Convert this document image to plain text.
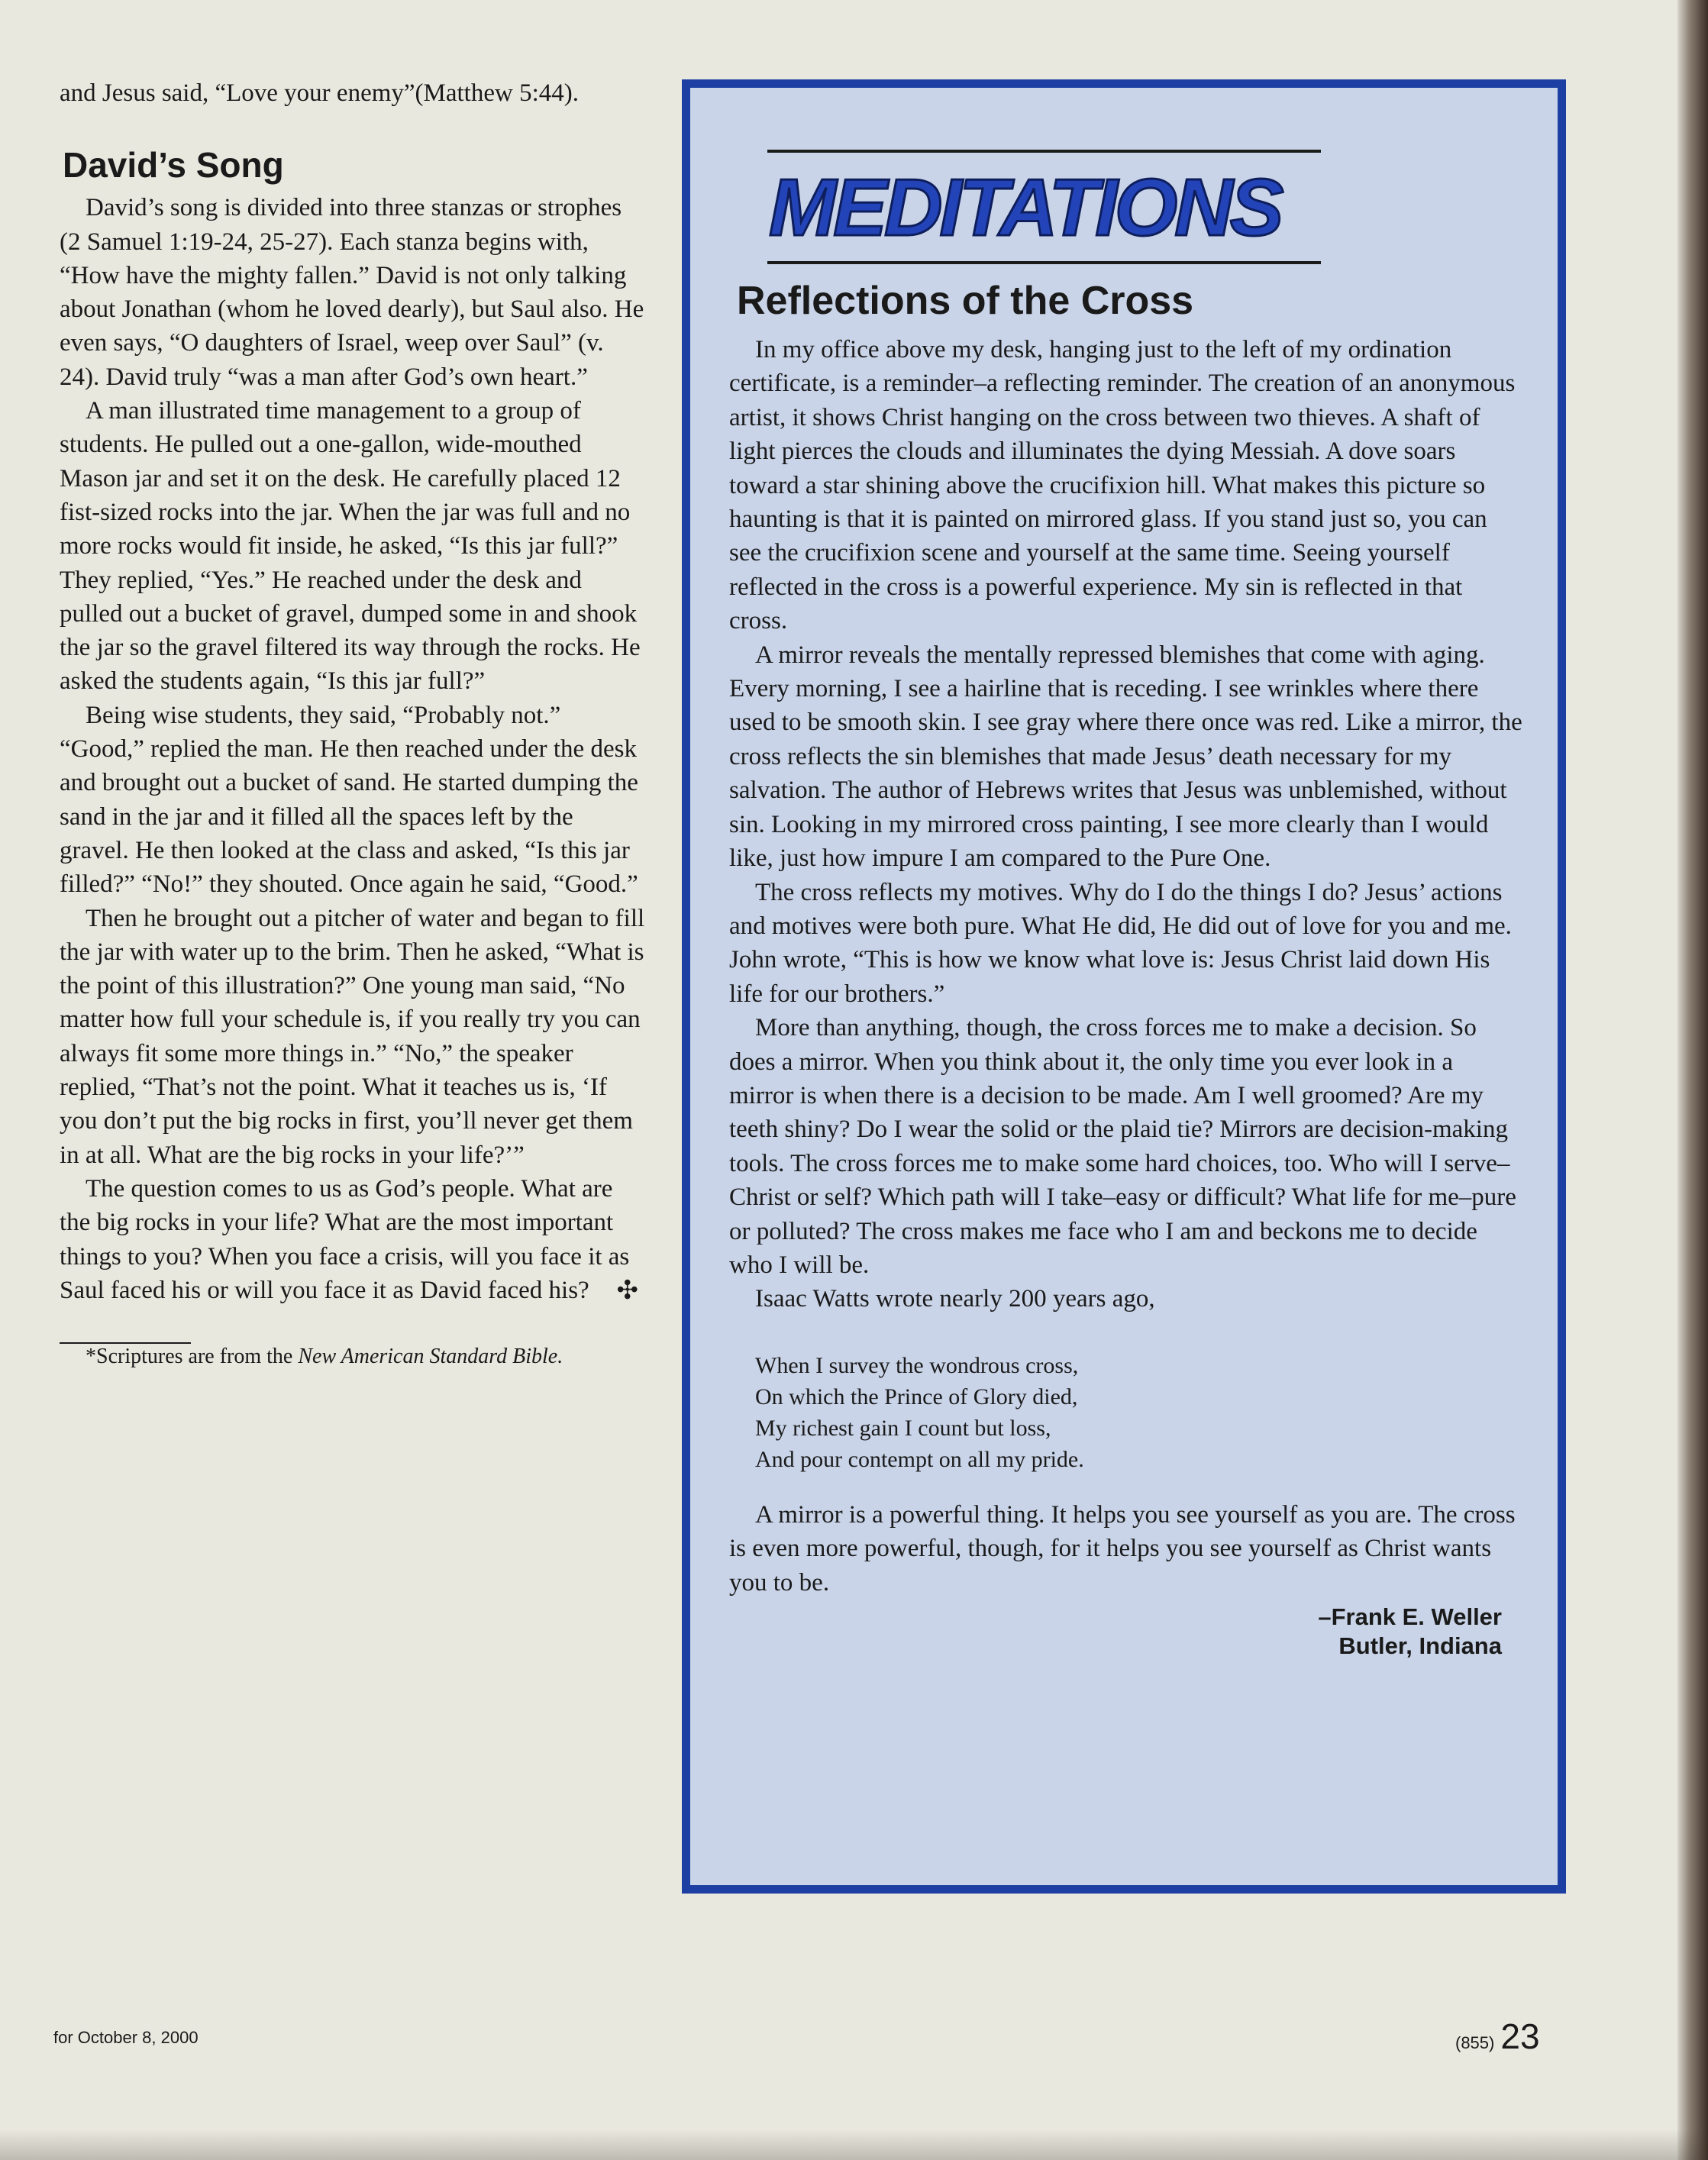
and Jesus said, “Love your enemy”(Matthew 5:44).

David’s Song

David’s song is divided into three stanzas or strophes (2 Samuel 1:19-24, 25-27). Each stanza begins with, “How have the mighty fallen.” David is not only talking about Jonathan (whom he loved dearly), but Saul also. He even says, “O daughters of Israel, weep over Saul” (v. 24). David truly “was a man after God’s own heart.”

A man illustrated time management to a group of students. He pulled out a one-gallon, wide-mouthed Mason jar and set it on the desk. He carefully placed 12 fist-sized rocks into the jar. When the jar was full and no more rocks would fit inside, he asked, “Is this jar full?” They replied, “Yes.” He reached under the desk and pulled out a bucket of gravel, dumped some in and shook the jar so the gravel filtered its way through the rocks. He asked the students again, “Is this jar full?”

Being wise students, they said, “Probably not.” “Good,” replied the man. He then reached under the desk and brought out a bucket of sand. He started dumping the sand in the jar and it filled all the spaces left by the gravel. He then looked at the class and asked, “Is this jar filled?” “No!” they shouted. Once again he said, “Good.”

Then he brought out a pitcher of water and began to fill the jar with water up to the brim. Then he asked, “What is the point of this illustration?” One young man said, “No matter how full your schedule is, if you really try you can always fit some more things in.” “No,” the speaker replied, “That’s not the point. What it teaches us is, ‘If you don’t put the big rocks in first, you’ll never get them in at all. What are the big rocks in your life?’”

The question comes to us as God’s people. What are the big rocks in your life? What are the most important things to you? When you face a crisis, will you face it as Saul faced his or will you face it as David faced his?	✣

*Scriptures are from the New American Standard Bible.

MEDITATIONS
Reflections of the Cross

In my office above my desk, hanging just to the left of my ordination certificate, is a reminder–a reflecting reminder. The creation of an anonymous artist, it shows Christ hanging on the cross between two thieves. A shaft of light pierces the clouds and illuminates the dying Messiah. A dove soars toward a star shining above the crucifixion hill. What makes this picture so haunting is that it is painted on mirrored glass. If you stand just so, you can see the crucifixion scene and yourself at the same time. Seeing yourself reflected in the cross is a powerful experience. My sin is reflected in that cross.

A mirror reveals the mentally repressed blemishes that come with aging. Every morning, I see a hairline that is receding. I see wrinkles where there used to be smooth skin. I see gray where there once was red. Like a mirror, the cross reflects the sin blemishes that made Jesus’ death necessary for my salvation. The author of Hebrews writes that Jesus was unblemished, without sin. Looking in my mirrored cross painting, I see more clearly than I would like, just how impure I am compared to the Pure One.

The cross reflects my motives. Why do I do the things I do? Jesus’ actions and motives were both pure. What He did, He did out of love for you and me. John wrote, “This is how we know what love is: Jesus Christ laid down His life for our brothers.”

More than anything, though, the cross forces me to make a decision. So does a mirror. When you think about it, the only time you ever look in a mirror is when there is a decision to be made. Am I well groomed? Are my teeth shiny? Do I wear the solid or the plaid tie? Mirrors are decision-making tools. The cross forces me to make some hard choices, too. Who will I serve–Christ or self? Which path will I take–easy or difficult? What life for me–pure or polluted? The cross makes me face who I am and beckons me to decide who I will be.

Isaac Watts wrote nearly 200 years ago,

When I survey the wondrous cross,
On which the Prince of Glory died,
My richest gain I count but loss,
And pour contempt on all my pride.

A mirror is a powerful thing. It helps you see yourself as you are. The cross is even more powerful, though, for it helps you see yourself as Christ wants you to be.

–Frank E. Weller
Butler, Indiana
for October 8, 2000	(855) 23
